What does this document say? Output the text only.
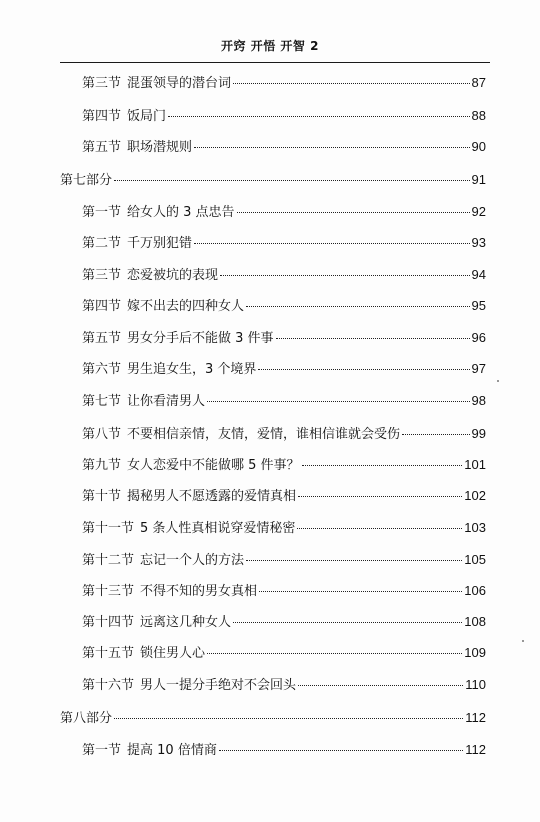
开窍 开悟 开智 2
第三节 混蛋领导的潜台词	87
第四节 饭局门	88
第五节 职场潜规则	90
第七部分	91
第一节 给女人的 3 点忠告	92
第二节 千万别犯错	93
第三节 恋爱被坑的表现	94
第四节 嫁不出去的四种女人	95
第五节 男女分手后不能做 3 件事	96
第六节 男生追女生，3 个境界	97
第七节 让你看清男人	98
第八节 不要相信亲情，友情，爱情，谁相信谁就会受伤	99
第九节 女人恋爱中不能做哪 5 件事？	101
第十节 揭秘男人不愿透露的爱情真相	102
第十一节 5 条人性真相说穿爱情秘密	103
第十二节 忘记一个人的方法	105
第十三节 不得不知的男女真相	106
第十四节 远离这几种女人	108
第十五节 锁住男人心	109
第十六节 男人一提分手绝对不会回头	110
第八部分	112
第一节 提高 10 倍情商	112
